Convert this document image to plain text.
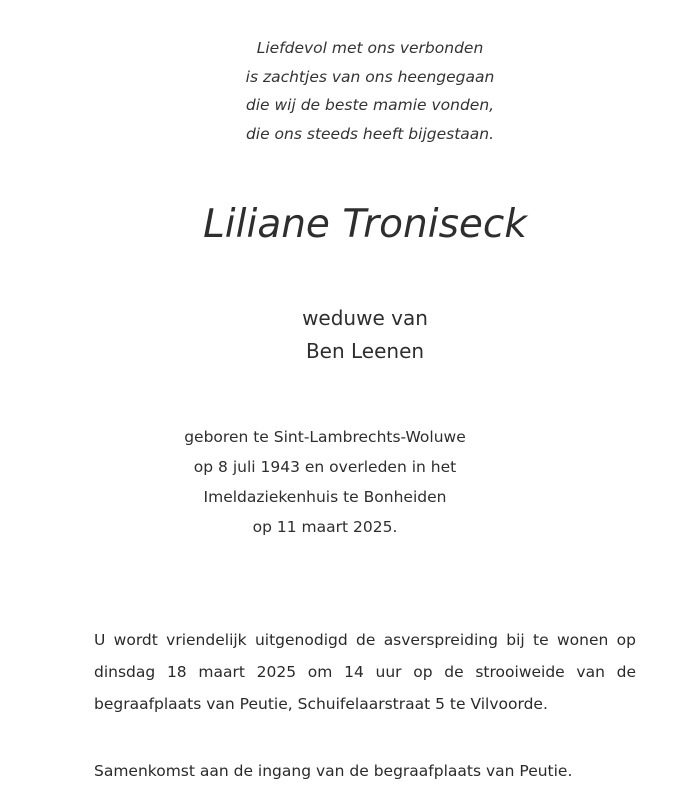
Liefdevol met ons verbonden
is zachtjes van ons heengegaan
die wij de beste mamie vonden,
die ons steeds heeft bijgestaan.
Liliane Troniseck
weduwe van
Ben Leenen
geboren te Sint-Lambrechts-Woluwe
op 8 juli 1943 en overleden in het
Imeldaziekenhuis te Bonheiden
op 11 maart 2025.
U wordt vriendelijk uitgenodigd de asverspreiding bij te wonen op
dinsdag 18 maart 2025 om 14 uur op de strooiweide van de
begraafplaats van Peutie, Schuifelaarstraat 5 te Vilvoorde.
Samenkomst aan de ingang van de begraafplaats van Peutie.
